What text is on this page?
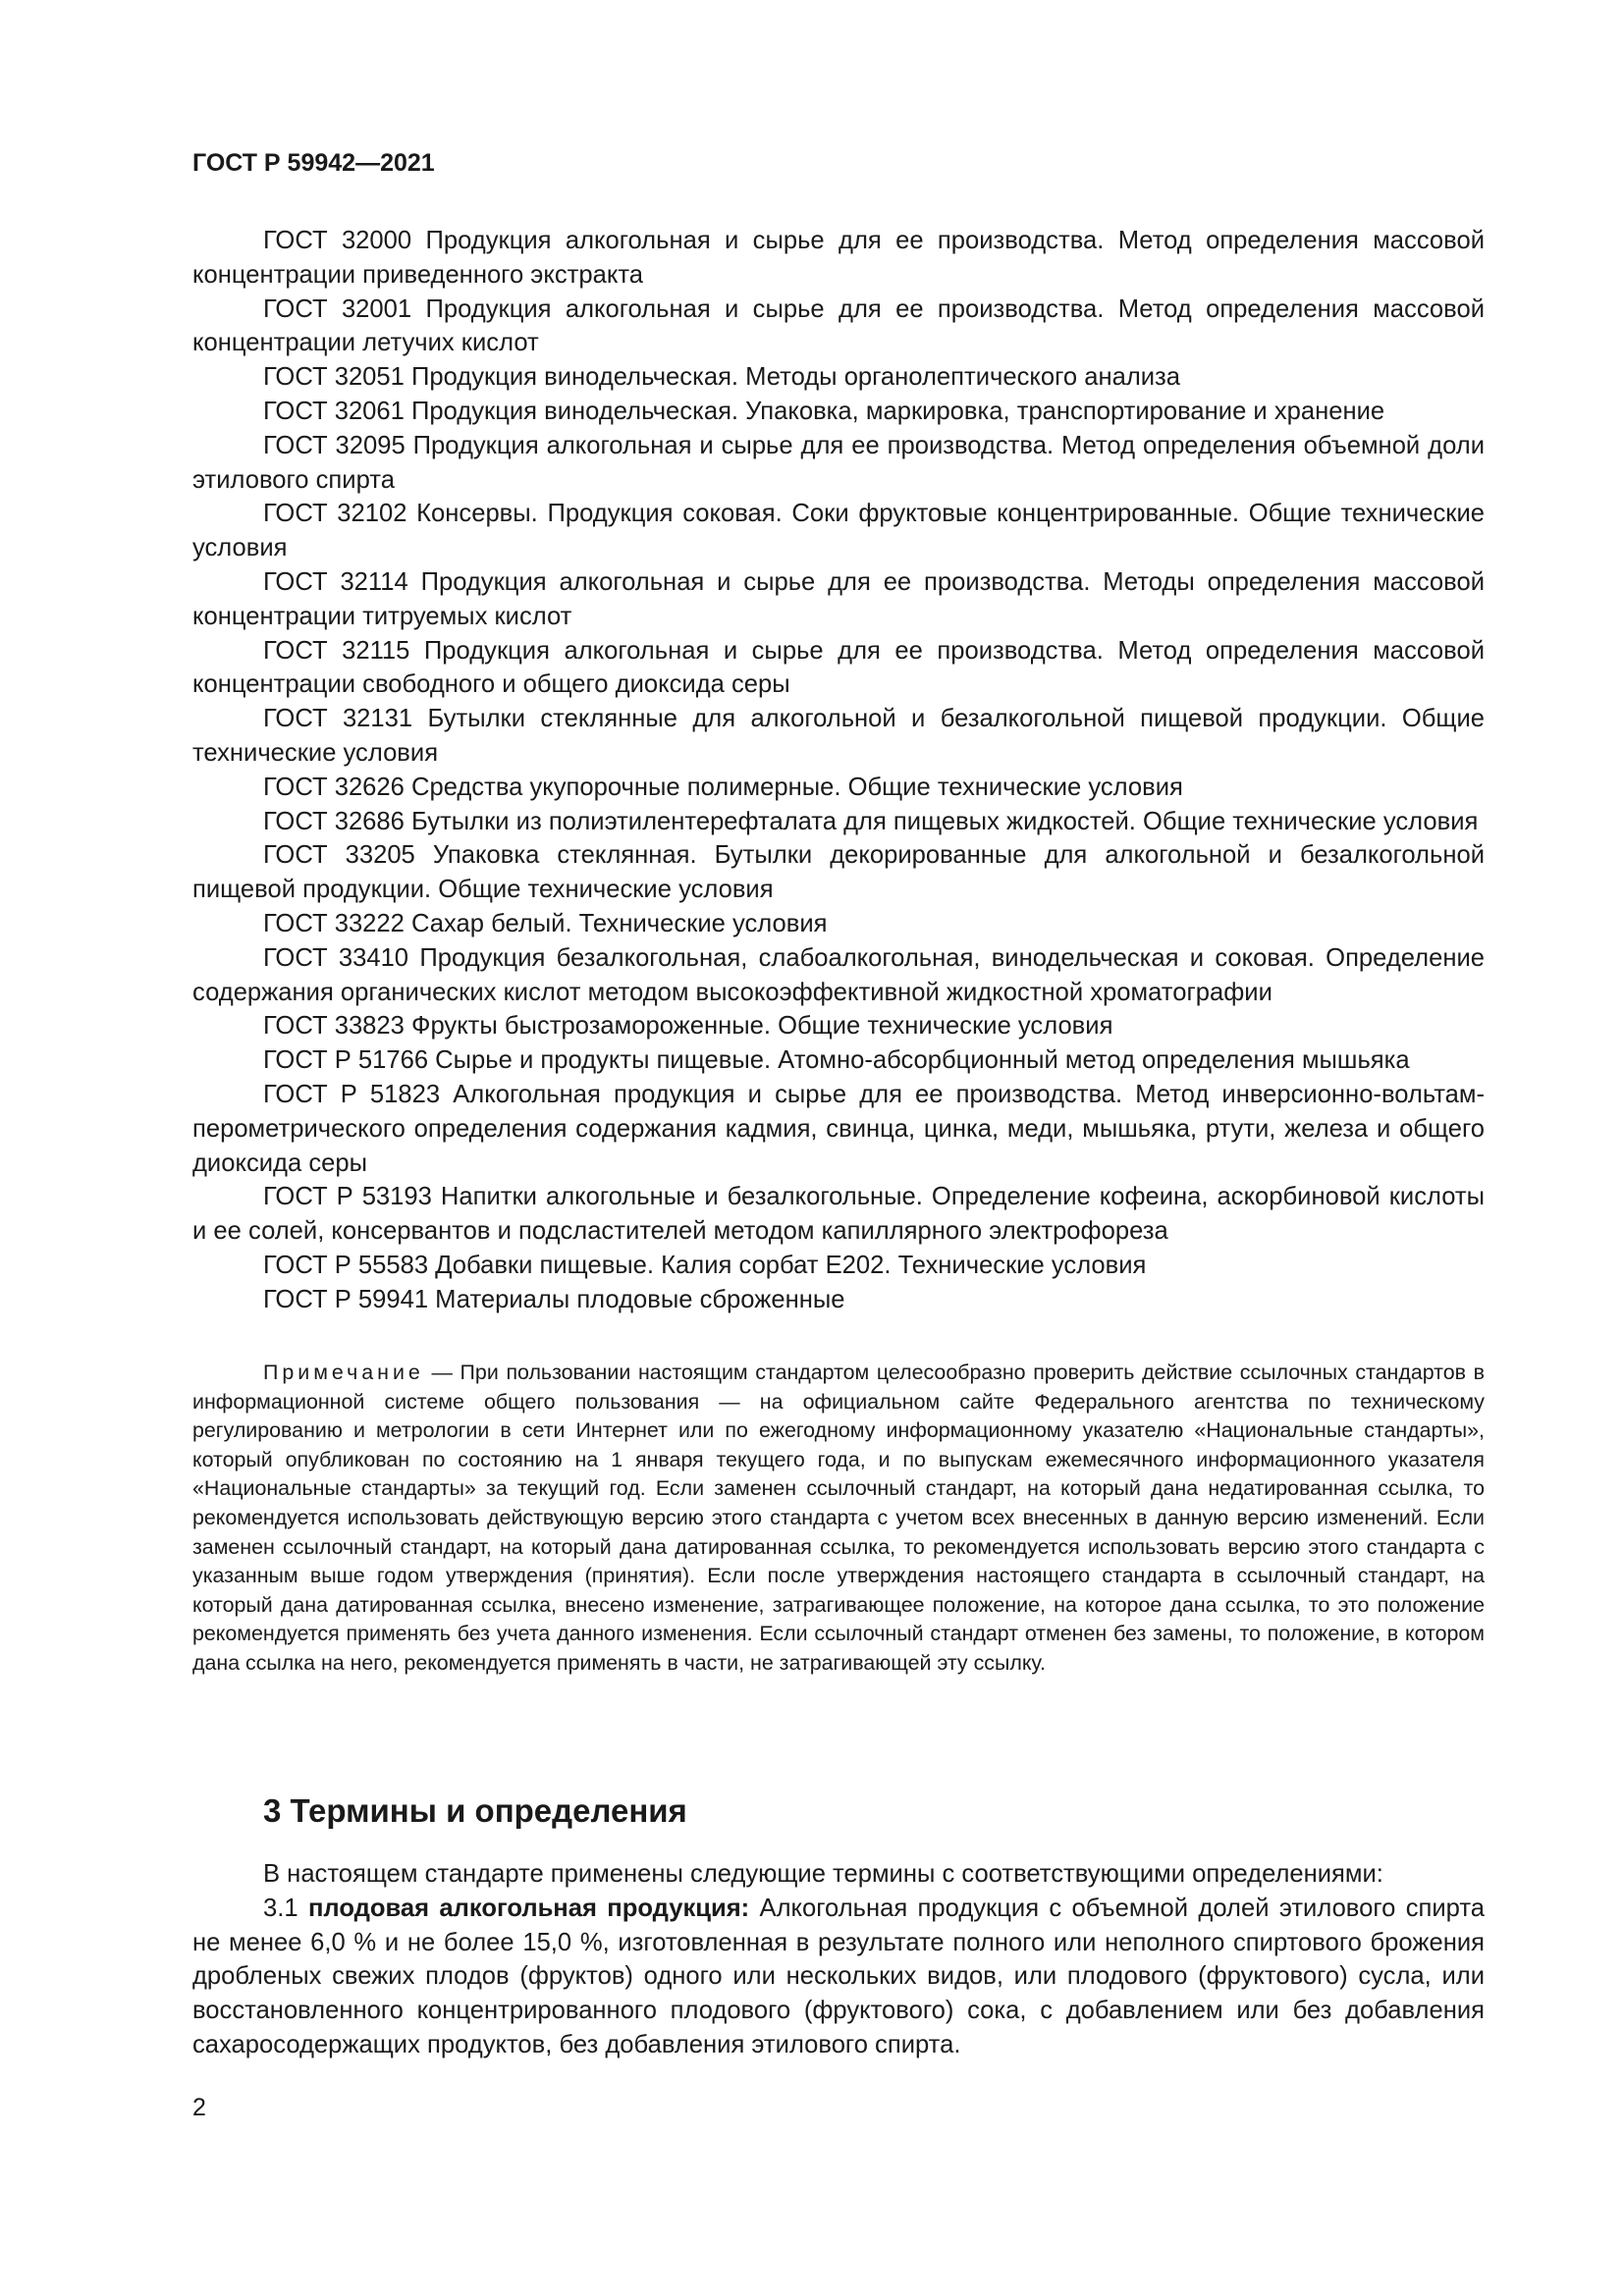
ГОСТ Р 59942—2021

ГОСТ 32000 Продукция алкогольная и сырье для ее производства. Метод определения массовой концентрации приведенного экстракта

ГОСТ 32001 Продукция алкогольная и сырье для ее производства. Метод определения массовой концентрации летучих кислот

ГОСТ 32051 Продукция винодельческая. Методы органолептического анализа

ГОСТ 32061 Продукция винодельческая. Упаковка, маркировка, транспортирование и хранение

ГОСТ 32095 Продукция алкогольная и сырье для ее производства. Метод определения объемной доли этилового спирта

ГОСТ 32102 Консервы. Продукция соковая. Соки фруктовые концентрированные. Общие технические условия

ГОСТ 32114 Продукция алкогольная и сырье для ее производства. Методы определения массовой концентрации титруемых кислот

ГОСТ 32115 Продукция алкогольная и сырье для ее производства. Метод определения массовой концентрации свободного и общего диоксида серы

ГОСТ 32131 Бутылки стеклянные для алкогольной и безалкогольной пищевой продукции. Общие технические условия

ГОСТ 32626 Средства укупорочные полимерные. Общие технические условия

ГОСТ 32686 Бутылки из полиэтилентерефталата для пищевых жидкостей. Общие технические условия

ГОСТ 33205 Упаковка стеклянная. Бутылки декорированные для алкогольной и безалкогольной пищевой продукции. Общие технические условия

ГОСТ 33222 Сахар белый. Технические условия

ГОСТ 33410 Продукция безалкогольная, слабоалкогольная, винодельческая и соковая. Определение содержания органических кислот методом высокоэффективной жидкостной хроматографии

ГОСТ 33823 Фрукты быстрозамороженные. Общие технические условия

ГОСТ Р 51766 Сырье и продукты пищевые. Атомно-абсорбционный метод определения мышьяка

ГОСТ Р 51823 Алкогольная продукция и сырье для ее производства. Метод инверсионно-вольтамперометрического определения содержания кадмия, свинца, цинка, меди, мышьяка, ртути, железа и общего диоксида серы

ГОСТ Р 53193 Напитки алкогольные и безалкогольные. Определение кофеина, аскорбиновой кислоты и ее солей, консервантов и подсластителей методом капиллярного электрофореза

ГОСТ Р 55583 Добавки пищевые. Калия сорбат Е202. Технические условия

ГОСТ Р 59941 Материалы плодовые сброженные

Примечание — При пользовании настоящим стандартом целесообразно проверить действие ссылочных стандартов в информационной системе общего пользования — на официальном сайте Федерального агентства по техническому регулированию и метрологии в сети Интернет или по ежегодному информационному указателю «Национальные стандарты», который опубликован по состоянию на 1 января текущего года, и по выпускам ежемесячного информационного указателя «Национальные стандарты» за текущий год. Если заменен ссылочный стандарт, на который дана недатированная ссылка, то рекомендуется использовать действующую версию этого стандарта с учетом всех внесенных в данную версию изменений. Если заменен ссылочный стандарт, на который дана датированная ссылка, то рекомендуется использовать версию этого стандарта с указанным выше годом утверждения (принятия). Если после утверждения настоящего стандарта в ссылочный стандарт, на который дана датированная ссылка, внесено изменение, затрагивающее положение, на которое дана ссылка, то это положение рекомендуется применять без учета данного изменения. Если ссылочный стандарт отменен без замены, то положение, в котором дана ссылка на него, рекомендуется применять в части, не затрагивающей эту ссылку.
3 Термины и определения

В настоящем стандарте применены следующие термины с соответствующими определениями:

3.1 плодовая алкогольная продукция: Алкогольная продукция с объемной долей этилового спирта не менее 6,0 % и не более 15,0 %, изготовленная в результате полного или неполного спиртового брожения дробленых свежих плодов (фруктов) одного или нескольких видов, или плодового (фруктового) сусла, или восстановленного концентрированного плодового (фруктового) сока, с добавлением или без добавления сахаросодержащих продуктов, без добавления этилового спирта.

2
